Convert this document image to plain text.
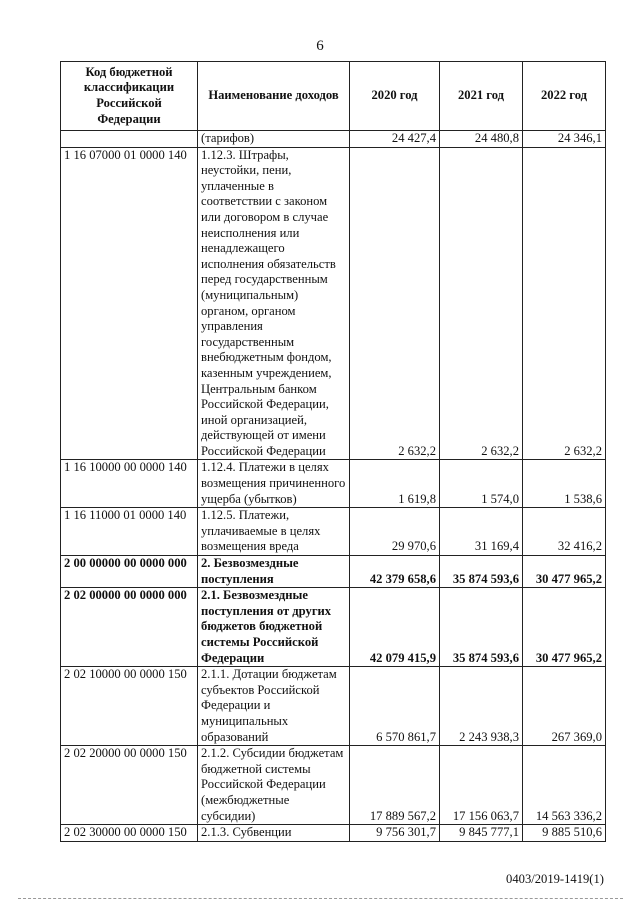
6
Код бюджетной классификации Российской Федерации	Наименование доходов	2020 год	2021 год	2022 год
	(тарифов)	24 427,4	24 480,8	24 346,1
1 16 07000 01 0000 140	1.12.3. Штрафы, неустойки, пени, уплаченные в соответствии с законом или договором в случае неисполнения или ненадлежащего исполнения обязательств перед государственным (муниципальным) органом, органом управления государственным внебюджетным фондом, казенным учреждением, Центральным банком Российской Федерации, иной организацией, действующей от имени Российской Федерации	2 632,2	2 632,2	2 632,2
1 16 10000 00 0000 140	1.12.4. Платежи в целях возмещения причиненного ущерба (убытков)	1 619,8	1 574,0	1 538,6
1 16 11000 01 0000 140	1.12.5. Платежи, уплачиваемые в целях возмещения вреда	29 970,6	31 169,4	32 416,2
2 00 00000 00 0000 000	2. Безвозмездные поступления	42 379 658,6	35 874 593,6	30 477 965,2
2 02 00000 00 0000 000	2.1. Безвозмездные поступления от других бюджетов бюджетной системы Российской Федерации	42 079 415,9	35 874 593,6	30 477 965,2
2 02 10000 00 0000 150	2.1.1. Дотации бюджетам субъектов Российской Федерации и муниципальных образований	6 570 861,7	2 243 938,3	267 369,0
2 02 20000 00 0000 150	2.1.2. Субсидии бюджетам бюджетной системы Российской Федерации (межбюджетные субсидии)	17 889 567,2	17 156 063,7	14 563 336,2
2 02 30000 00 0000 150	2.1.3. Субвенции	9 756 301,7	9 845 777,1	9 885 510,6
0403/2019-1419(1)
